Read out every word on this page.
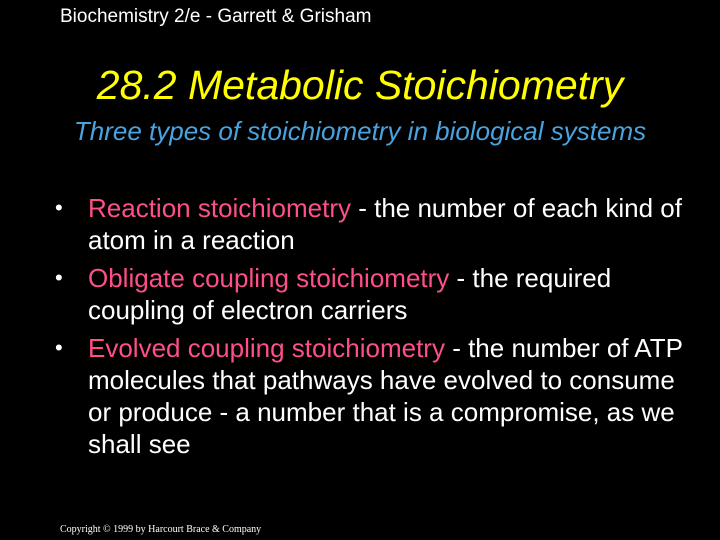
Biochemistry 2/e - Garrett & Grisham
28.2 Metabolic Stoichiometry
Three types of stoichiometry in biological systems
• Reaction stoichiometry - the number of each kind of atom in a reaction
• Obligate coupling stoichiometry - the required coupling of electron carriers
• Evolved coupling stoichiometry - the number of ATP molecules that pathways have evolved to consume or produce - a number that is a compromise, as we shall see
Copyright © 1999 by Harcourt Brace & Company
